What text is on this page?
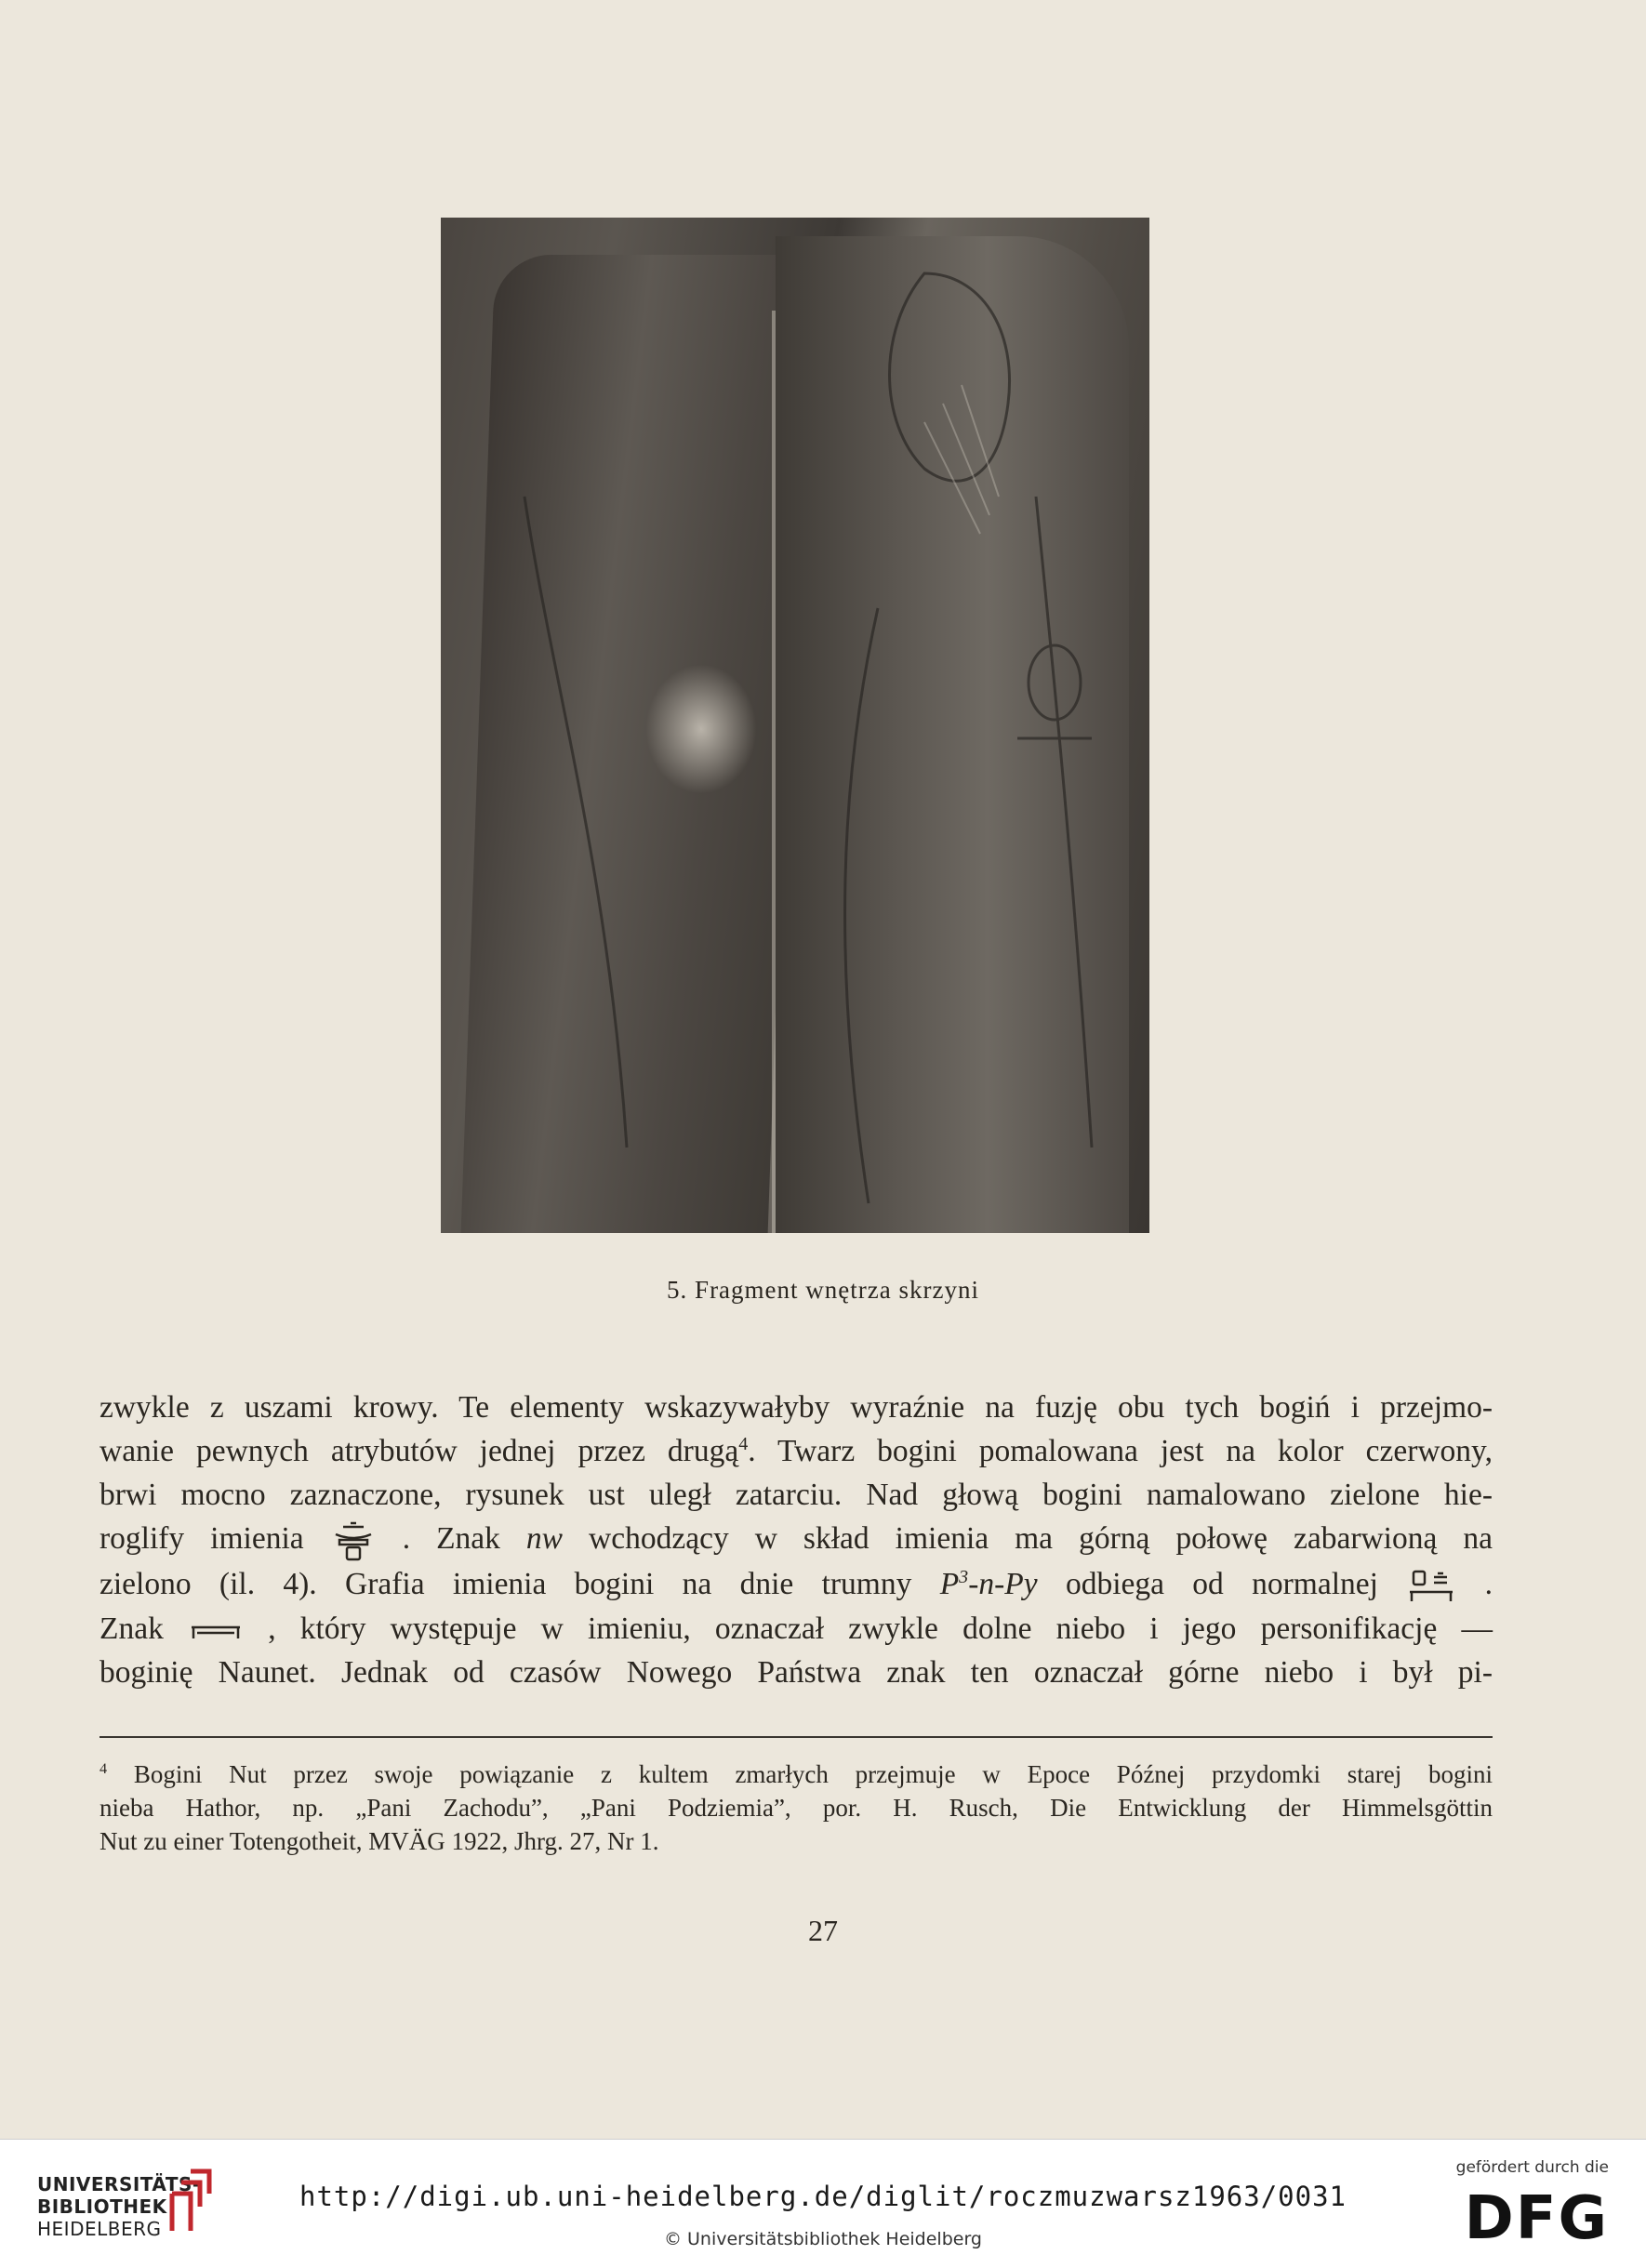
5. Fragment wnętrza skrzyni
zwykle z uszami krowy. Te elementy wskazywałyby wyraźnie na fuzję obu tych bogiń i przejmo-
wanie pewnych atrybutów jednej przez drugą$^4$. Twarz bogini pomalowana jest na kolor czerwony,
brwi mocno zaznaczone, rysunek ust uległ zatarciu. Nad głową bogini namalowano zielone hie-
roglify imienia	. Znak nw wchodzący w skład imienia ma górną połowę zabarwioną na
zielono (il. 4). Grafia imienia bogini na dnie trumny $P^3-n-Py$ odbiega od normalnej	.
Znak	, który występuje w imieniu, oznaczał zwykle dolne niebo i jego personifikację —
boginię Naunet. Jednak od czasów Nowego Państwa znak ten oznaczał górne niebo i był pi-
$^4$ Bogini Nut przez swoje powiązanie z kultem zmarłych przejmuje w Epoce Późnej przydomki starej bogini
nieba Hathor, np. „Pani Zachodu”, „Pani Podziemia”, por. H. Rusch, Die Entwicklung der Himmelsgöttin
Nut zu einer Totengotheit, MVÄG 1922, Jhrg. 27, Nr 1.
27
UNIVERSITÄTS-
BIBLIOTHEK
HEIDELBERG
http://digi.ub.uni-heidelberg.de/diglit/roczmuzwarsz1963/0031
© Universitätsbibliothek Heidelberg
gefördert durch die
DFG
